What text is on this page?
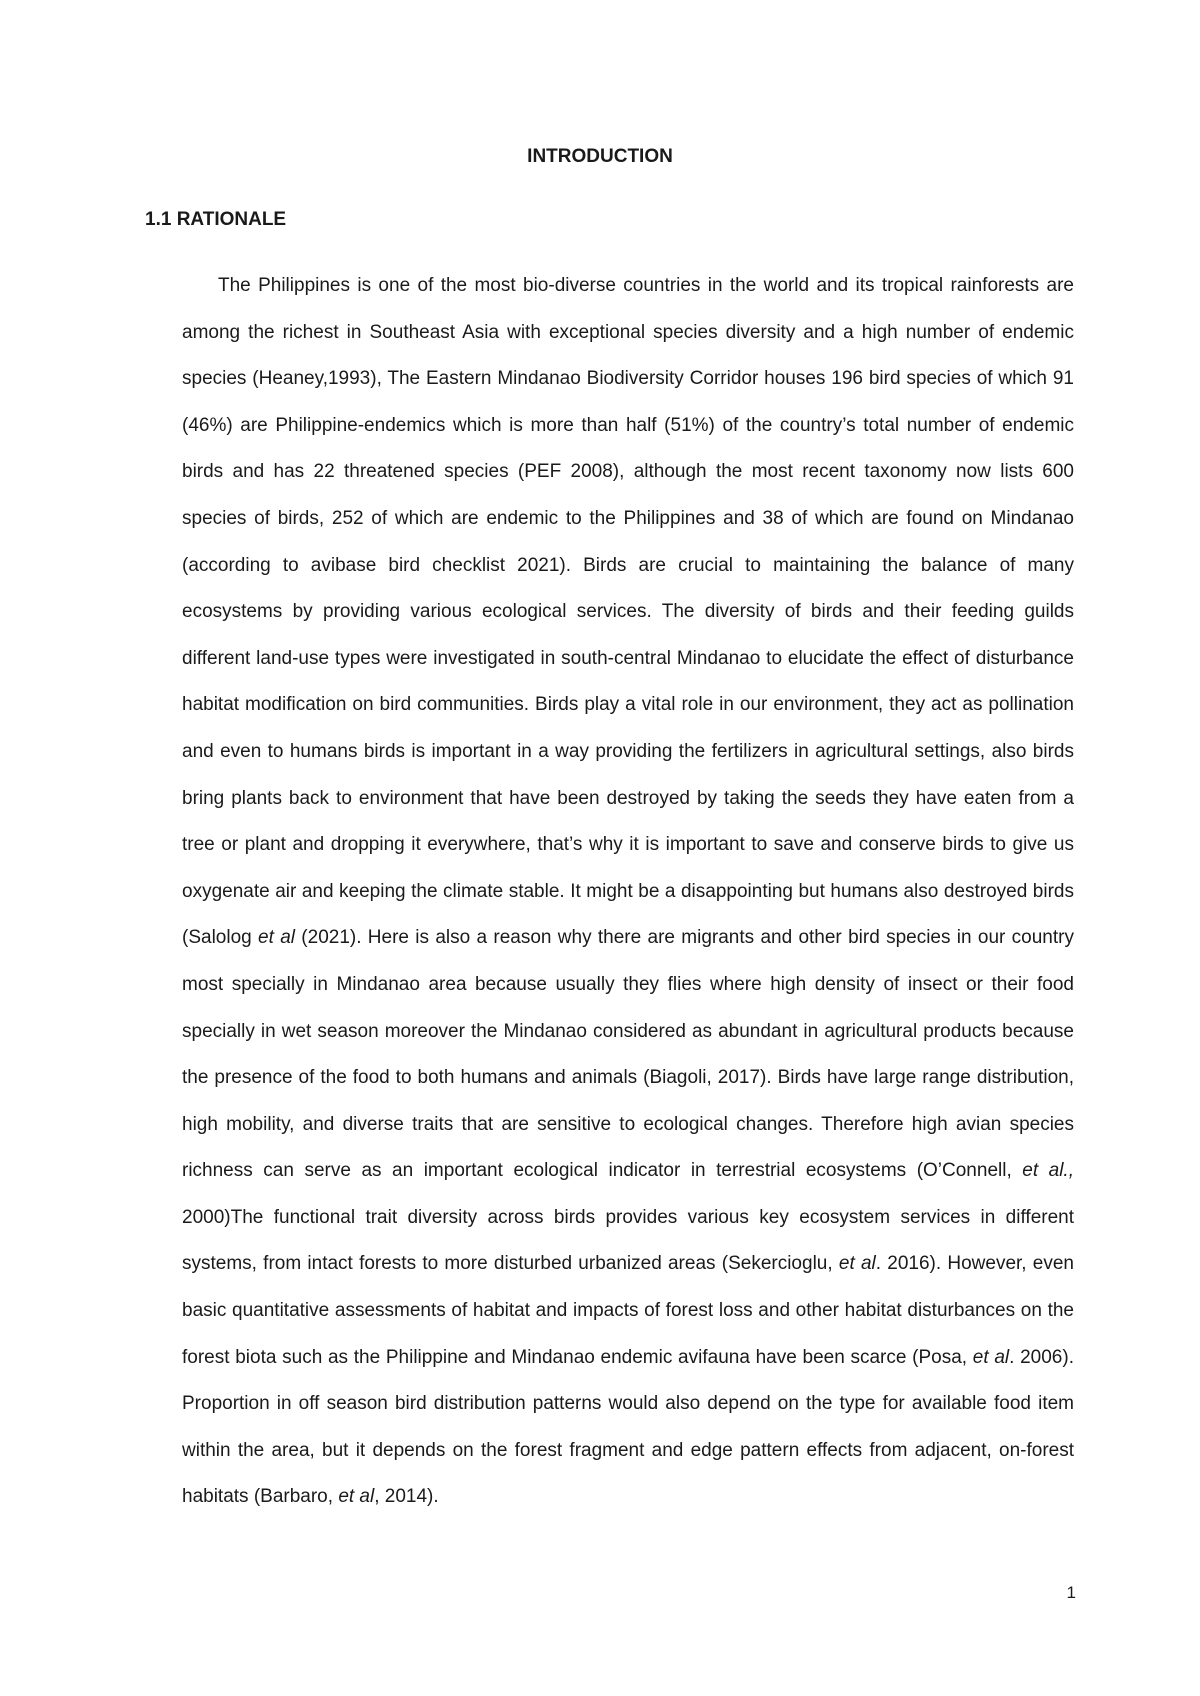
INTRODUCTION
1.1 RATIONALE

The Philippines is one of the most bio-diverse countries in the world and its tropical rainforests are among the richest in Southeast Asia with exceptional species diversity and a high number of endemic species (Heaney,1993), The Eastern Mindanao Biodiversity Corridor houses 196 bird species of which 91 (46%) are Philippine-endemics which is more than half (51%) of the country’s total number of endemic birds and has 22 threatened species (PEF 2008), although the most recent taxonomy now lists 600 species of birds, 252 of which are endemic to the Philippines and 38 of which are found on Mindanao (according to avibase bird checklist 2021). Birds are crucial to maintaining the balance of many ecosystems by providing various ecological services. The diversity of birds and their feeding guilds different land-use types were investigated in south-central Mindanao to elucidate the effect of disturbance habitat modification on bird communities. Birds play a vital role in our environment, they act as pollination and even to humans birds is important in a way providing the fertilizers in agricultural settings, also birds bring plants back to environment that have been destroyed by taking the seeds they have eaten from a tree or plant and dropping it everywhere, that’s why it is important to save and conserve birds to give us oxygenate air and keeping the climate stable. It might be a disappointing but humans also destroyed birds (Salolog et al (2021). Here is also a reason why there are migrants and other bird species in our country most specially in Mindanao area because usually they flies where high density of insect or their food specially in wet season moreover the Mindanao considered as abundant in agricultural products because the presence of the food to both humans and animals (Biagoli, 2017). Birds have large range distribution, high mobility, and diverse traits that are sensitive to ecological changes. Therefore high avian species richness can serve as an important ecological indicator in terrestrial ecosystems (O’Connell, et al., 2000)The functional trait diversity across birds provides various key ecosystem services in different systems, from intact forests to more disturbed urbanized areas (Sekercioglu, et al. 2016). However, even basic quantitative assessments of habitat and impacts of forest loss and other habitat disturbances on the forest biota such as the Philippine and Mindanao endemic avifauna have been scarce (Posa, et al. 2006). Proportion in off season bird distribution patterns would also depend on the type for available food item within the area, but it depends on the forest fragment and edge pattern effects from adjacent, on-forest habitats (Barbaro, et al, 2014).

1
